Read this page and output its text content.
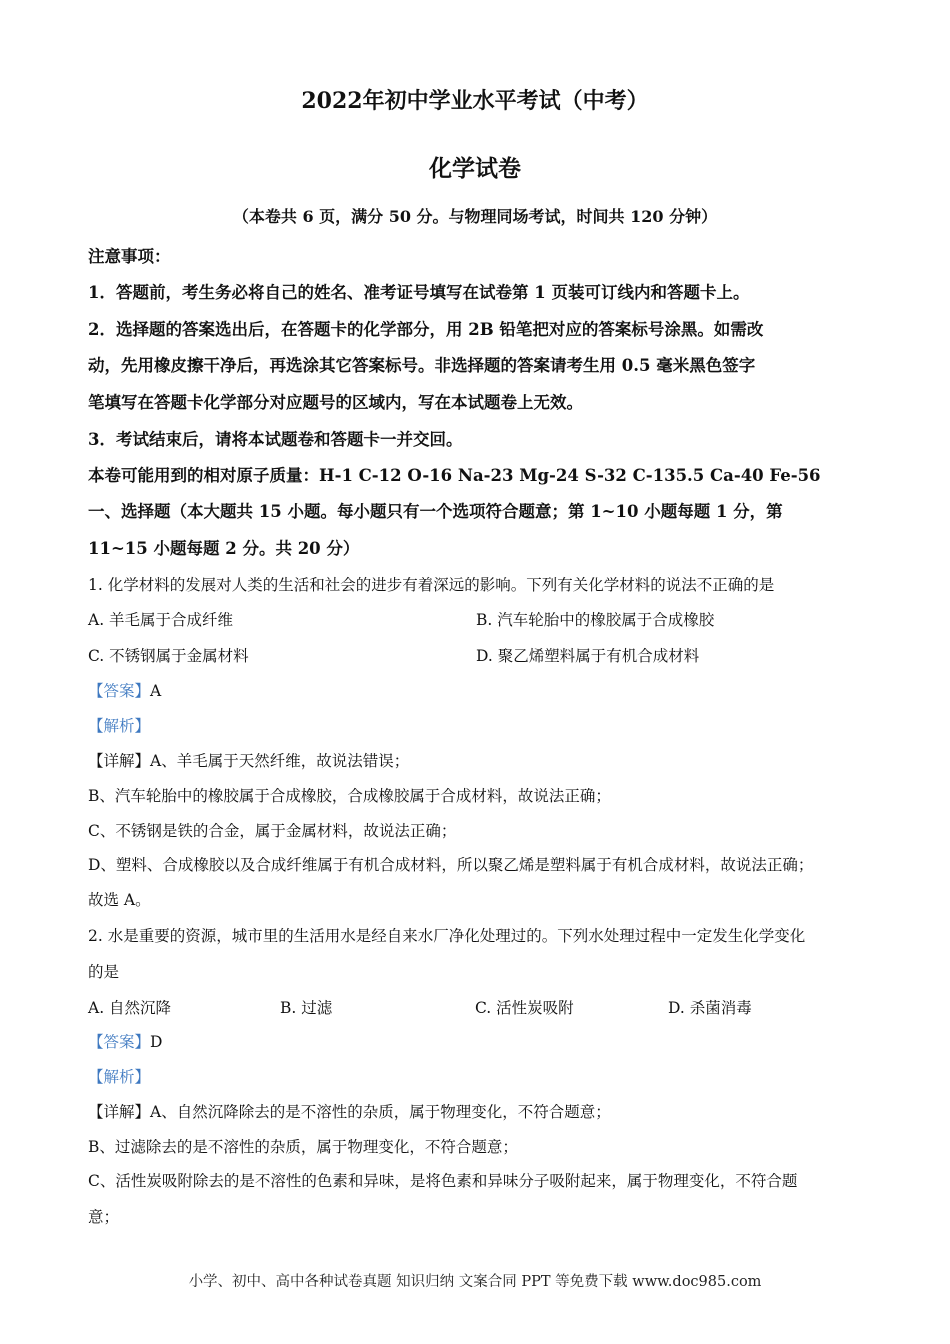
2022年初中学业水平考试（中考）
化学试卷
（本卷共 6 页，满分 50 分。与物理同场考试，时间共 120 分钟）
注意事项：
1．答题前，考生务必将自己的姓名、准考证号填写在试卷第 1 页装可订线内和答题卡上。
2．选择题的答案选出后，在答题卡的化学部分，用 2B 铅笔把对应的答案标号涂黑。如需改
动，先用橡皮擦干净后，再选涂其它答案标号。非选择题的答案请考生用 0.5 毫米黑色签字
笔填写在答题卡化学部分对应题号的区域内，写在本试题卷上无效。
3．考试结束后，请将本试题卷和答题卡一并交回。
本卷可能用到的相对原子质量：H-1 C-12 O-16 Na-23 Mg-24 S-32 C-135.5 Ca-40 Fe-56
一、选择题（本大题共 15 小题。每小题只有一个选项符合题意；第 1~10 小题每题 1 分，第
11~15 小题每题 2 分。共 20 分）
1. 化学材料的发展对人类的生活和社会的进步有着深远的影响。下列有关化学材料的说法不正确的是
A. 羊毛属于合成纤维	B. 汽车轮胎中的橡胶属于合成橡胶
C. 不锈钢属于金属材料	D. 聚乙烯塑料属于有机合成材料
【答案】A
【解析】
【详解】A、羊毛属于天然纤维，故说法错误；
B、汽车轮胎中的橡胶属于合成橡胶，合成橡胶属于合成材料，故说法正确；
C、不锈钢是铁的合金，属于金属材料，故说法正确；
D、塑料、合成橡胶以及合成纤维属于有机合成材料，所以聚乙烯是塑料属于有机合成材料，故说法正确；
故选 A。
2. 水是重要的资源，城市里的生活用水是经自来水厂净化处理过的。下列水处理过程中一定发生化学变化
的是
A. 自然沉降	B. 过滤	C. 活性炭吸附	D. 杀菌消毒
【答案】D
【解析】
【详解】A、自然沉降除去的是不溶性的杂质，属于物理变化，不符合题意；
B、过滤除去的是不溶性的杂质，属于物理变化，不符合题意；
C、活性炭吸附除去的是不溶性的色素和异味，是将色素和异味分子吸附起来，属于物理变化，不符合题
意；
小学、初中、高中各种试卷真题 知识归纳 文案合同 PPT 等免费下载 www.doc985.com
